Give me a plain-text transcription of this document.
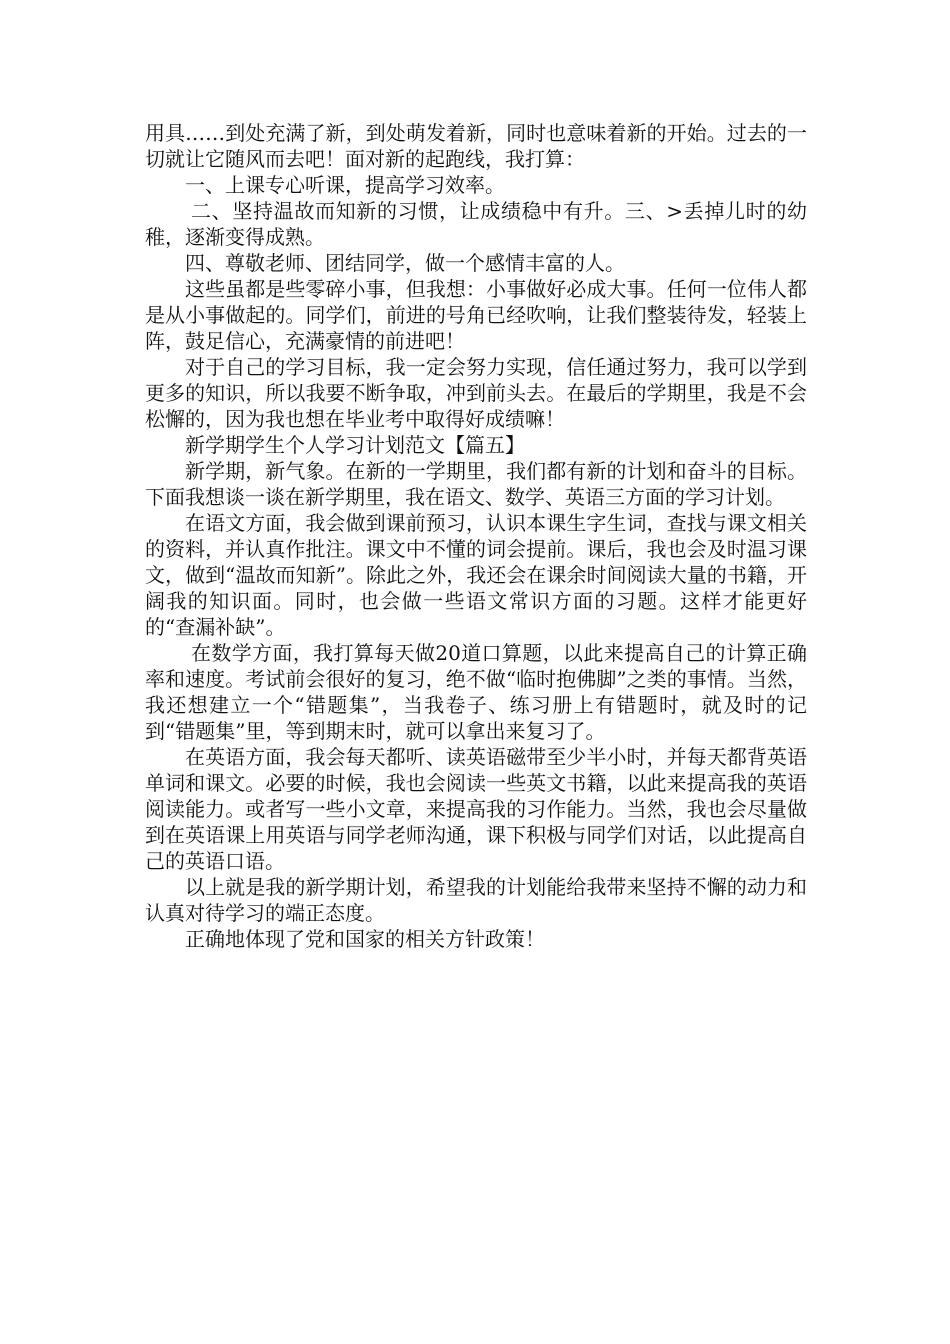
用具……到处充满了新，到处萌发着新，同时也意味着新的开始。过去的一切就让它随风而去吧！面对新的起跑线，我打算：

一、上课专心听课，提高学习效率。

二、坚持温故而知新的习惯，让成绩稳中有升。三、>丢掉儿时的幼稚，逐渐变得成熟。

四、尊敬老师、团结同学，做一个感情丰富的人。

这些虽都是些零碎小事，但我想：小事做好必成大事。任何一位伟人都是从小事做起的。同学们，前进的号角已经吹响，让我们整装待发，轻装上阵，鼓足信心，充满豪情的前进吧！

对于自己的学习目标，我一定会努力实现，信任通过努力，我可以学到更多的知识，所以我要不断争取，冲到前头去。在最后的学期里，我是不会松懈的，因为我也想在毕业考中取得好成绩嘛！

新学期学生个人学习计划范文【篇五】

新学期，新气象。在新的一学期里，我们都有新的计划和奋斗的目标。下面我想谈一谈在新学期里，我在语文、数学、英语三方面的学习计划。

在语文方面，我会做到课前预习，认识本课生字生词，查找与课文相关的资料，并认真作批注。课文中不懂的词会提前。课后，我也会及时温习课文，做到“温故而知新”。除此之外，我还会在课余时间阅读大量的书籍，开阔我的知识面。同时，也会做一些语文常识方面的习题。这样才能更好的“查漏补缺”。

在数学方面，我打算每天做20道口算题，以此来提高自己的计算正确率和速度。考试前会很好的复习，绝不做“临时抱佛脚”之类的事情。当然，我还想建立一个“错题集”，当我卷子、练习册上有错题时，就及时的记到“错题集”里，等到期末时，就可以拿出来复习了。

在英语方面，我会每天都听、读英语磁带至少半小时，并每天都背英语单词和课文。必要的时候，我也会阅读一些英文书籍，以此来提高我的英语阅读能力。或者写一些小文章，来提高我的习作能力。当然，我也会尽量做到在英语课上用英语与同学老师沟通，课下积极与同学们对话，以此提高自己的英语口语。

以上就是我的新学期计划，希望我的计划能给我带来坚持不懈的动力和认真对待学习的端正态度。

正确地体现了党和国家的相关方针政策！
